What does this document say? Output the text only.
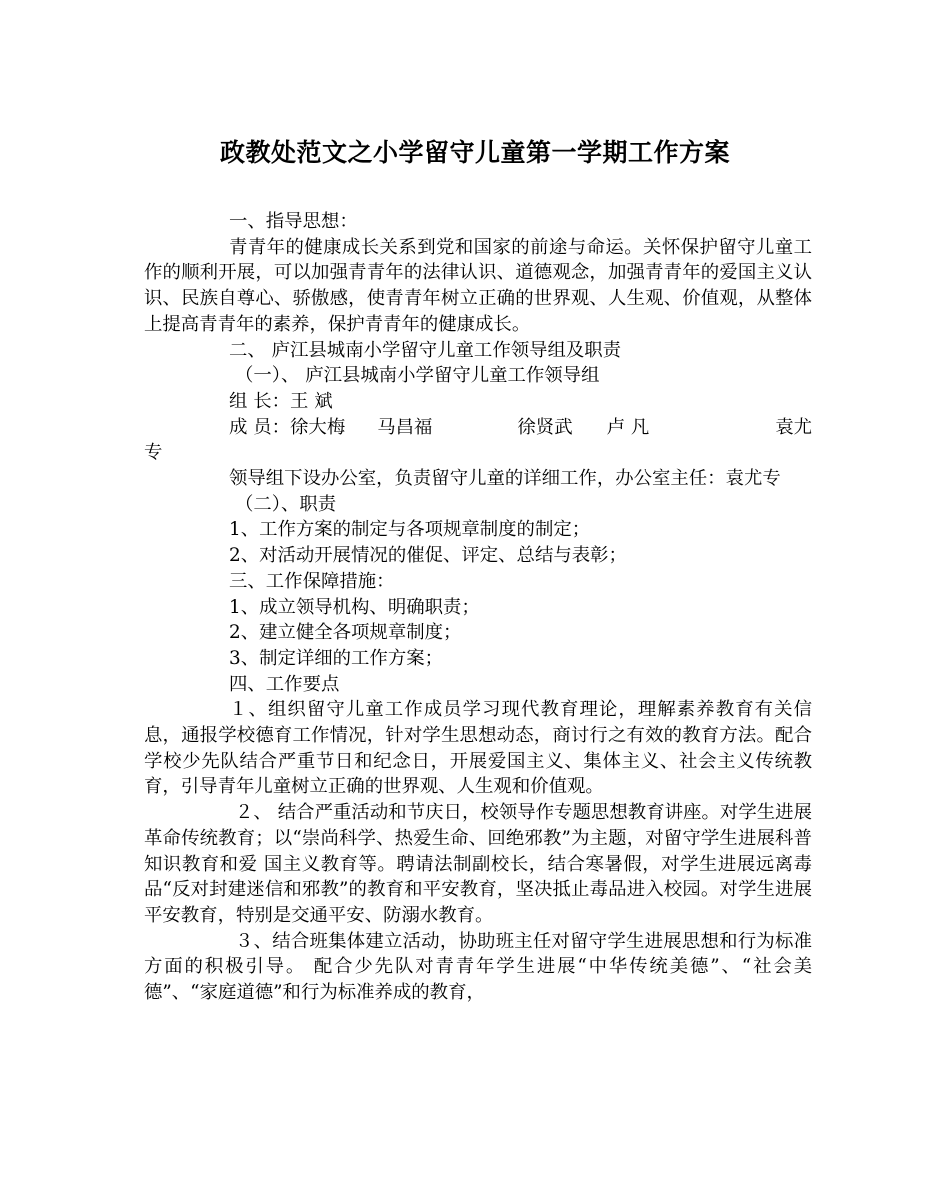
政教处范文之小学留守儿童第一学期工作方案

一、指导思想：

青青年的健康成长关系到党和国家的前途与命运。关怀保护留守儿童工作的顺利开展，可以加强青青年的法律认识、道德观念，加强青青年的爱国主义认识、民族自尊心、骄傲感，使青青年树立正确的世界观、人生观、价值观，从整体上提高青青年的素养，保护青青年的健康成长。

二、 庐江县城南小学留守儿童工作领导组及职责

（一）、 庐江县城南小学留守儿童工作领导组

组 长：王 斌

成 员： 徐大梅 马昌福	徐贤武 卢 凡	袁尤

专

领导组下设办公室，负责留守儿童的详细工作，办公室主任：袁尤专

（二）、职责

1、工作方案的制定与各项规章制度的制定；

2、对活动开展情况的催促、评定、总结与表彰；

三、工作保障措施：

1、成立领导机构、明确职责；

2、建立健全各项规章制度；

3、制定详细的工作方案；

四、工作要点

１、组织留守儿童工作成员学习现代教育理论，理解素养教育有关信息，通报学校德育工作情况，针对学生思想动态，商讨行之有效的教育方法。配合学校少先队结合严重节日和纪念日，开展爱国主义、集体主义、社会主义传统教育，引导青年儿童树立正确的世界观、人生观和价值观。

２、 结合严重活动和节庆日，校领导作专题思想教育讲座。对学生进展革命传统教育；以“崇尚科学、热爱生命、回绝邪教”为主题，对留守学生进展科普知识教育和爱 国主义教育等。聘请法制副校长，结合寒暑假，对学生进展远离毒品“反对封建迷信和邪教”的教育和平安教育，坚决抵止毒品进入校园。对学生进展平安教育，特别是交通平安、防溺水教育。

３、结合班集体建立活动，协助班主任对留守学生进展思想和行为标准方面的积极引导。 配合少先队对青青年学生进展“中华传统美德”、“社会美德”、“家庭道德”和行为标准养成的教育，
